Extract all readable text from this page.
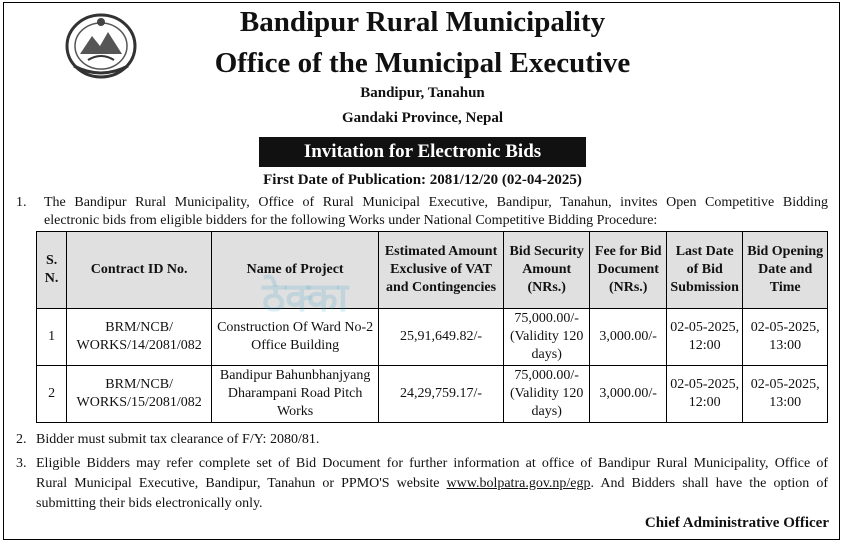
Bandipur Rural Municipality
Office of the Municipal Executive
Bandipur, Tanahun
Gandaki Province, Nepal
Invitation for Electronic Bids
First Date of Publication: 2081/12/20 (02-04-2025)
1. The Bandipur Rural Municipality, Office of Rural Municipal Executive, Bandipur, Tanahun, invites Open Competitive Bidding
electronic bids from eligible bidders for the following Works under National Competitive Bidding Procedure:
S. N.	Contract ID No.	Name of Project	Estimated Amount Exclusive of VAT and Contingencies	Bid Security Amount (NRs.)	Fee for Bid Document (NRs.)	Last Date of Bid Submission	Bid Opening Date and Time
1	BRM/NCB/ WORKS/14/2081/082	Construction Of Ward No-2 Office Building	25,91,649.82/-	75,000.00/- (Validity 120 days)	3,000.00/-	02-05-2025, 12:00	02-05-2025, 13:00
2	BRM/NCB/ WORKS/15/2081/082	Bandipur Bahunbhanjyang Dharampani Road Pitch Works	24,29,759.17/-	75,000.00/- (Validity 120 days)	3,000.00/-	02-05-2025, 12:00	02-05-2025, 13:00
2. Bidder must submit tax clearance of F/Y: 2080/81.
3. Eligible Bidders may refer complete set of Bid Document for further information at office of Bandipur Rural Municipality, Office of
Rural Municipal Executive, Bandipur, Tanahun or PPMO'S website www.bolpatra.gov.np/egp. And Bidders shall have the option of
submitting their bids electronically only.
Chief Administrative Officer
